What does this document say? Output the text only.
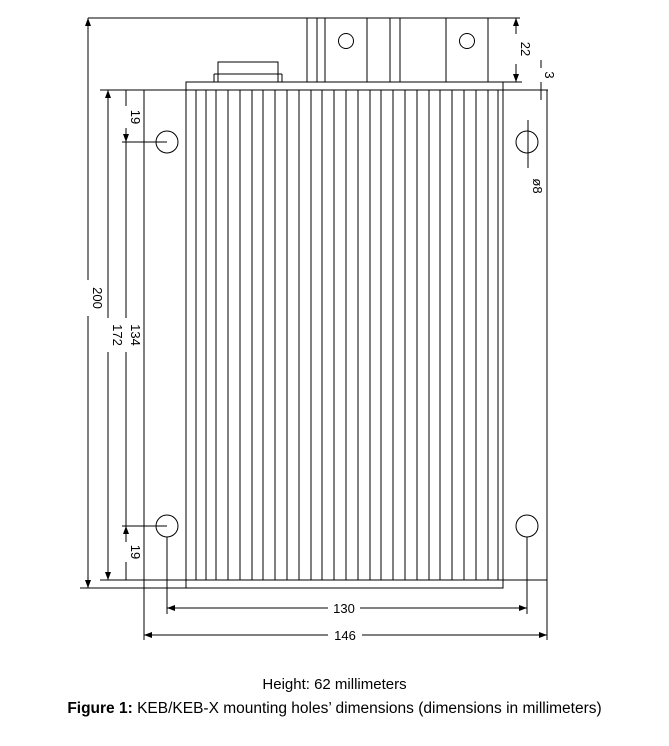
200
172 134
19
19
22
3
ø8
130
146
Height: 62 millimeters
Figure 1: KEB/KEB-X mounting holes’ dimensions (dimensions in millimeters)
